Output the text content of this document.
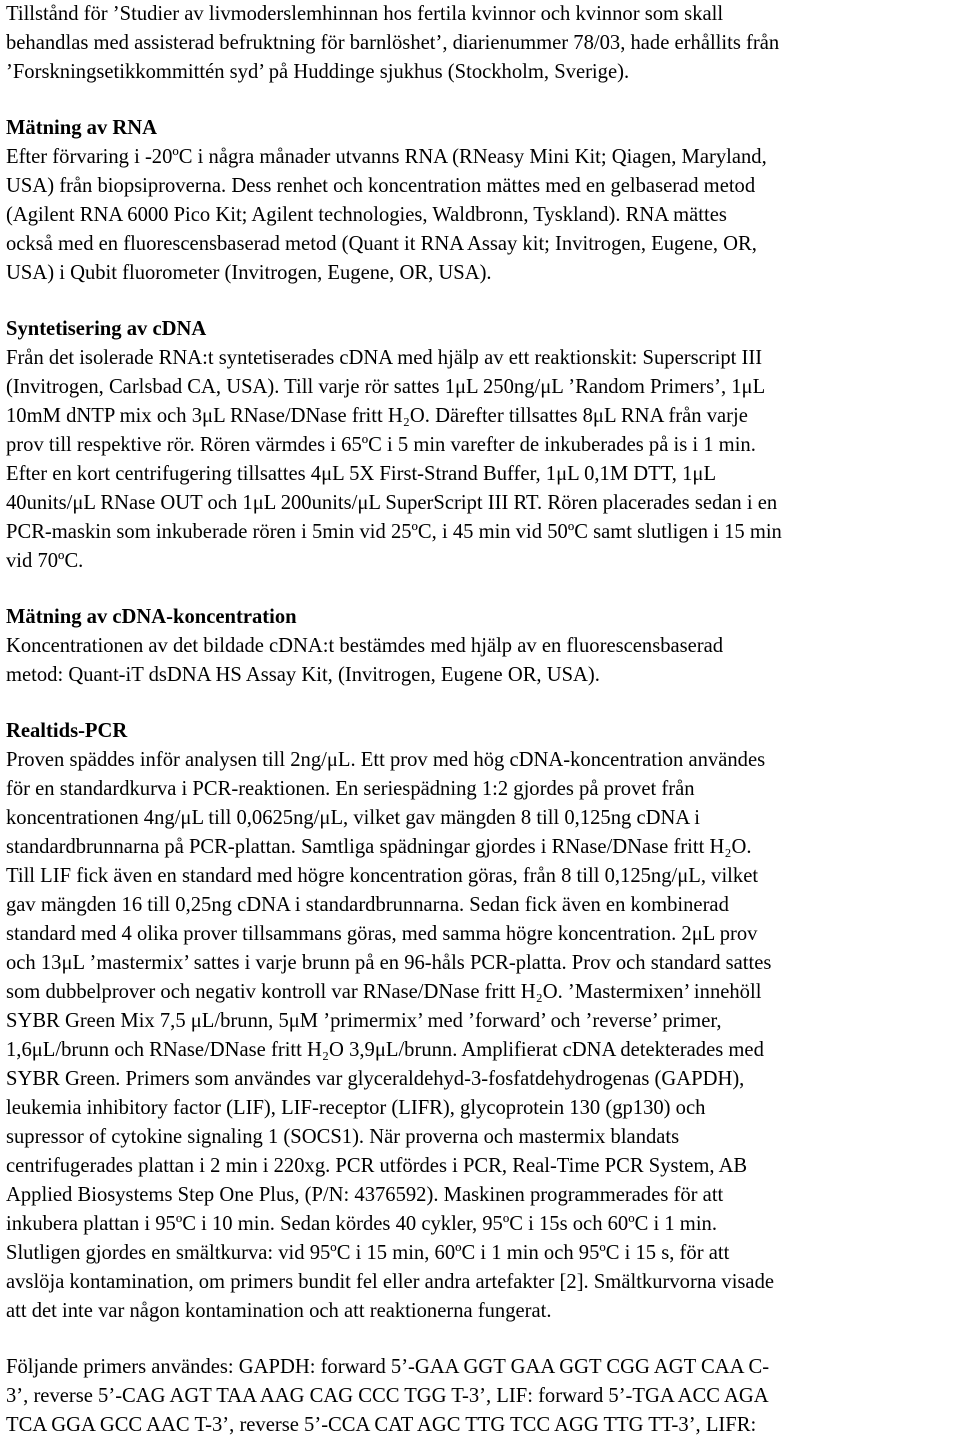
Tillstånd för ’Studier av livmoderslemhinnan hos fertila kvinnor och kvinnor som skall
behandlas med assisterad befruktning för barnlöshet’, diarienummer 78/03, hade erhållits från
’Forskningsetikkommittén syd’ på Huddinge sjukhus (Stockholm, Sverige).

Mätning av RNA

Efter förvaring i -20ºC i några månader utvanns RNA (RNeasy Mini Kit; Qiagen, Maryland,
USA) från biopsiproverna. Dess renhet och koncentration mättes med en gelbaserad metod
(Agilent RNA 6000 Pico Kit; Agilent technologies, Waldbronn, Tyskland). RNA mättes
också med en fluorescensbaserad metod (Quant it RNA Assay kit; Invitrogen, Eugene, OR,
USA) i Qubit fluorometer (Invitrogen, Eugene, OR, USA).

Syntetisering av cDNA

Från det isolerade RNA:t syntetiserades cDNA med hjälp av ett reaktionskit: Superscript III
(Invitrogen, Carlsbad CA, USA). Till varje rör sattes 1μL 250ng/μL ’Random Primers’, 1μL
10mM dNTP mix och 3μL RNase/DNase fritt H₂O. Därefter tillsattes 8μL RNA från varje
prov till respektive rör. Rören värmdes i 65ºC i 5 min varefter de inkuberades på is i 1 min.
Efter en kort centrifugering tillsattes 4μL 5X First-Strand Buffer, 1μL 0,1M DTT, 1μL
40units/μL RNase OUT och 1μL 200units/μL SuperScript III RT. Rören placerades sedan i en
PCR-maskin som inkuberade rören i 5min vid 25ºC, i 45 min vid 50ºC samt slutligen i 15 min
vid 70ºC.

Mätning av cDNA-koncentration

Koncentrationen av det bildade cDNA:t bestämdes med hjälp av en fluorescensbaserad
metod: Quant-iT dsDNA HS Assay Kit, (Invitrogen, Eugene OR, USA).

Realtids-PCR

Proven späddes inför analysen till 2ng/μL. Ett prov med hög cDNA-koncentration användes
för en standardkurva i PCR-reaktionen. En seriespädning 1:2 gjordes på provet från
koncentrationen 4ng/μL till 0,0625ng/μL, vilket gav mängden 8 till 0,125ng cDNA i
standardbrunnarna på PCR-plattan. Samtliga spädningar gjordes i RNase/DNase fritt H₂O.
Till LIF fick även en standard med högre koncentration göras, från 8 till 0,125ng/μL, vilket
gav mängden 16 till 0,25ng cDNA i standardbrunnarna. Sedan fick även en kombinerad
standard med 4 olika prover tillsammans göras, med samma högre koncentration. 2μL prov
och 13μL ’mastermix’ sattes i varje brunn på en 96-håls PCR-platta. Prov och standard sattes
som dubbelprover och negativ kontroll var RNase/DNase fritt H₂O. ’Mastermixen’ innehöll
SYBR Green Mix 7,5 μL/brunn, 5μM ’primermix’ med ’forward’ och ’reverse’ primer,
1,6μL/brunn och RNase/DNase fritt H₂O 3,9μL/brunn. Amplifierat cDNA detekterades med
SYBR Green. Primers som användes var glyceraldehyd-3-fosfatdehydrogenas (GAPDH),
leukemia inhibitory factor (LIF), LIF-receptor (LIFR), glycoprotein 130 (gp130) och
supressor of cytokine signaling 1 (SOCS1). När proverna och mastermix blandats
centrifugerades plattan i 2 min i 220xg. PCR utfördes i PCR, Real-Time PCR System, AB
Applied Biosystems Step One Plus, (P/N: 4376592). Maskinen programmerades för att
inkubera plattan i 95ºC i 10 min. Sedan kördes 40 cykler, 95ºC i 15s och 60ºC i 1 min.
Slutligen gjordes en smältkurva: vid 95ºC i 15 min, 60ºC i 1 min och 95ºC i 15 s, för att
avslöja kontamination, om primers bundit fel eller andra artefakter [2]. Smältkurvorna visade
att det inte var någon kontamination och att reaktionerna fungerat.

Följande primers användes: GAPDH: forward 5’-GAA GGT GAA GGT CGG AGT CAA C-
3’, reverse 5’-CAG AGT TAA AAG CAG CCC TGG T-3’, LIF: forward 5’-TGA ACC AGA
TCA GGA GCC AAC T-3’, reverse 5’-CCA CAT AGC TTG TCC AGG TTG TT-3’, LIFR:
